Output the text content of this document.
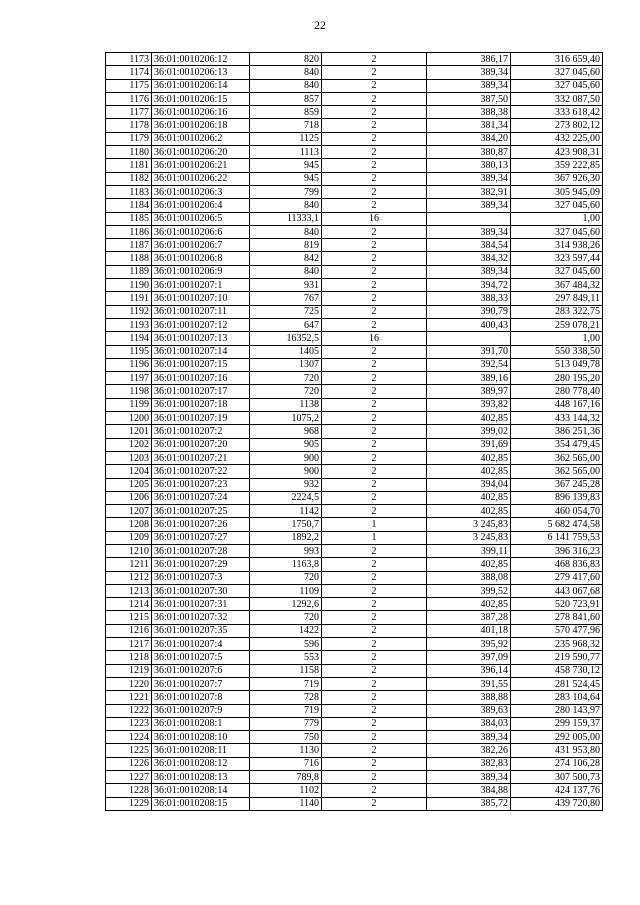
22
1173	36:01:0010206:12	820	2	386,17	316 659,40
1174	36:01:0010206:13	840	2	389,34	327 045,60
1175	36:01:0010206:14	840	2	389,34	327 045,60
1176	36:01:0010206:15	857	2	387,50	332 087,50
1177	36:01:0010206:16	859	2	388,38	333 618,42
1178	36:01:0010206:18	718	2	381,34	273 802,12
1179	36:01:0010206:2	1125	2	384,20	432 225,00
1180	36:01:0010206:20	1113	2	380,87	423 908,31
1181	36:01:0010206:21	945	2	380,13	359 222,85
1182	36:01:0010206:22	945	2	389,34	367 926,30
1183	36:01:0010206:3	799	2	382,91	305 945,09
1184	36:01:0010206:4	840	2	389,34	327 045,60
1185	36:01:0010206:5	11333,1	16		1,00
1186	36:01:0010206:6	840	2	389,34	327 045,60
1187	36:01:0010206:7	819	2	384,54	314 938,26
1188	36:01:0010206:8	842	2	384,32	323 597,44
1189	36:01:0010206:9	840	2	389,34	327 045,60
1190	36:01:0010207:1	931	2	394,72	367 484,32
1191	36:01:0010207:10	767	2	388,33	297 849,11
1192	36:01:0010207:11	725	2	390,79	283 322,75
1193	36:01:0010207:12	647	2	400,43	259 078,21
1194	36:01:0010207:13	16352,5	16		1,00
1195	36:01:0010207:14	1405	2	391,70	550 338,50
1196	36:01:0010207:15	1307	2	392,54	513 049,78
1197	36:01:0010207:16	720	2	389,16	280 195,20
1198	36:01:0010207:17	720	2	389,97	280 778,40
1199	36:01:0010207:18	1138	2	393,82	448 167,16
1200	36:01:0010207:19	1075,2	2	402,85	433 144,32
1201	36:01:0010207:2	968	2	399,02	386 251,36
1202	36:01:0010207:20	905	2	391,69	354 479,45
1203	36:01:0010207:21	900	2	402,85	362 565,00
1204	36:01:0010207:22	900	2	402,85	362 565,00
1205	36:01:0010207:23	932	2	394,04	367 245,28
1206	36:01:0010207:24	2224,5	2	402,85	896 139,83
1207	36:01:0010207:25	1142	2	402,85	460 054,70
1208	36:01:0010207:26	1750,7	1	3 245,83	5 682 474,58
1209	36:01:0010207:27	1892,2	1	3 245,83	6 141 759,53
1210	36:01:0010207:28	993	2	399,11	396 316,23
1211	36:01:0010207:29	1163,8	2	402,85	468 836,83
1212	36:01:0010207:3	720	2	388,08	279 417,60
1213	36:01:0010207:30	1109	2	399,52	443 067,68
1214	36:01:0010207:31	1292,6	2	402,85	520 723,91
1215	36:01:0010207:32	720	2	387,28	278 841,60
1216	36:01:0010207:35	1422	2	401,18	570 477,96
1217	36:01:0010207:4	596	2	395,92	235 968,32
1218	36:01:0010207:5	553	2	397,09	219 590,77
1219	36:01:0010207:6	1158	2	396,14	458 730,12
1220	36:01:0010207:7	719	2	391,55	281 524,45
1221	36:01:0010207:8	728	2	388,88	283 104,64
1222	36:01:0010207:9	719	2	389,63	280 143,97
1223	36:01:0010208:1	779	2	384,03	299 159,37
1224	36:01:0010208:10	750	2	389,34	292 005,00
1225	36:01:0010208:11	1130	2	382,26	431 953,80
1226	36:01:0010208:12	716	2	382,83	274 106,28
1227	36:01:0010208:13	789,8	2	389,34	307 500,73
1228	36:01:0010208:14	1102	2	384,88	424 137,76
1229	36:01:0010208:15	1140	2	385,72	439 720,80
